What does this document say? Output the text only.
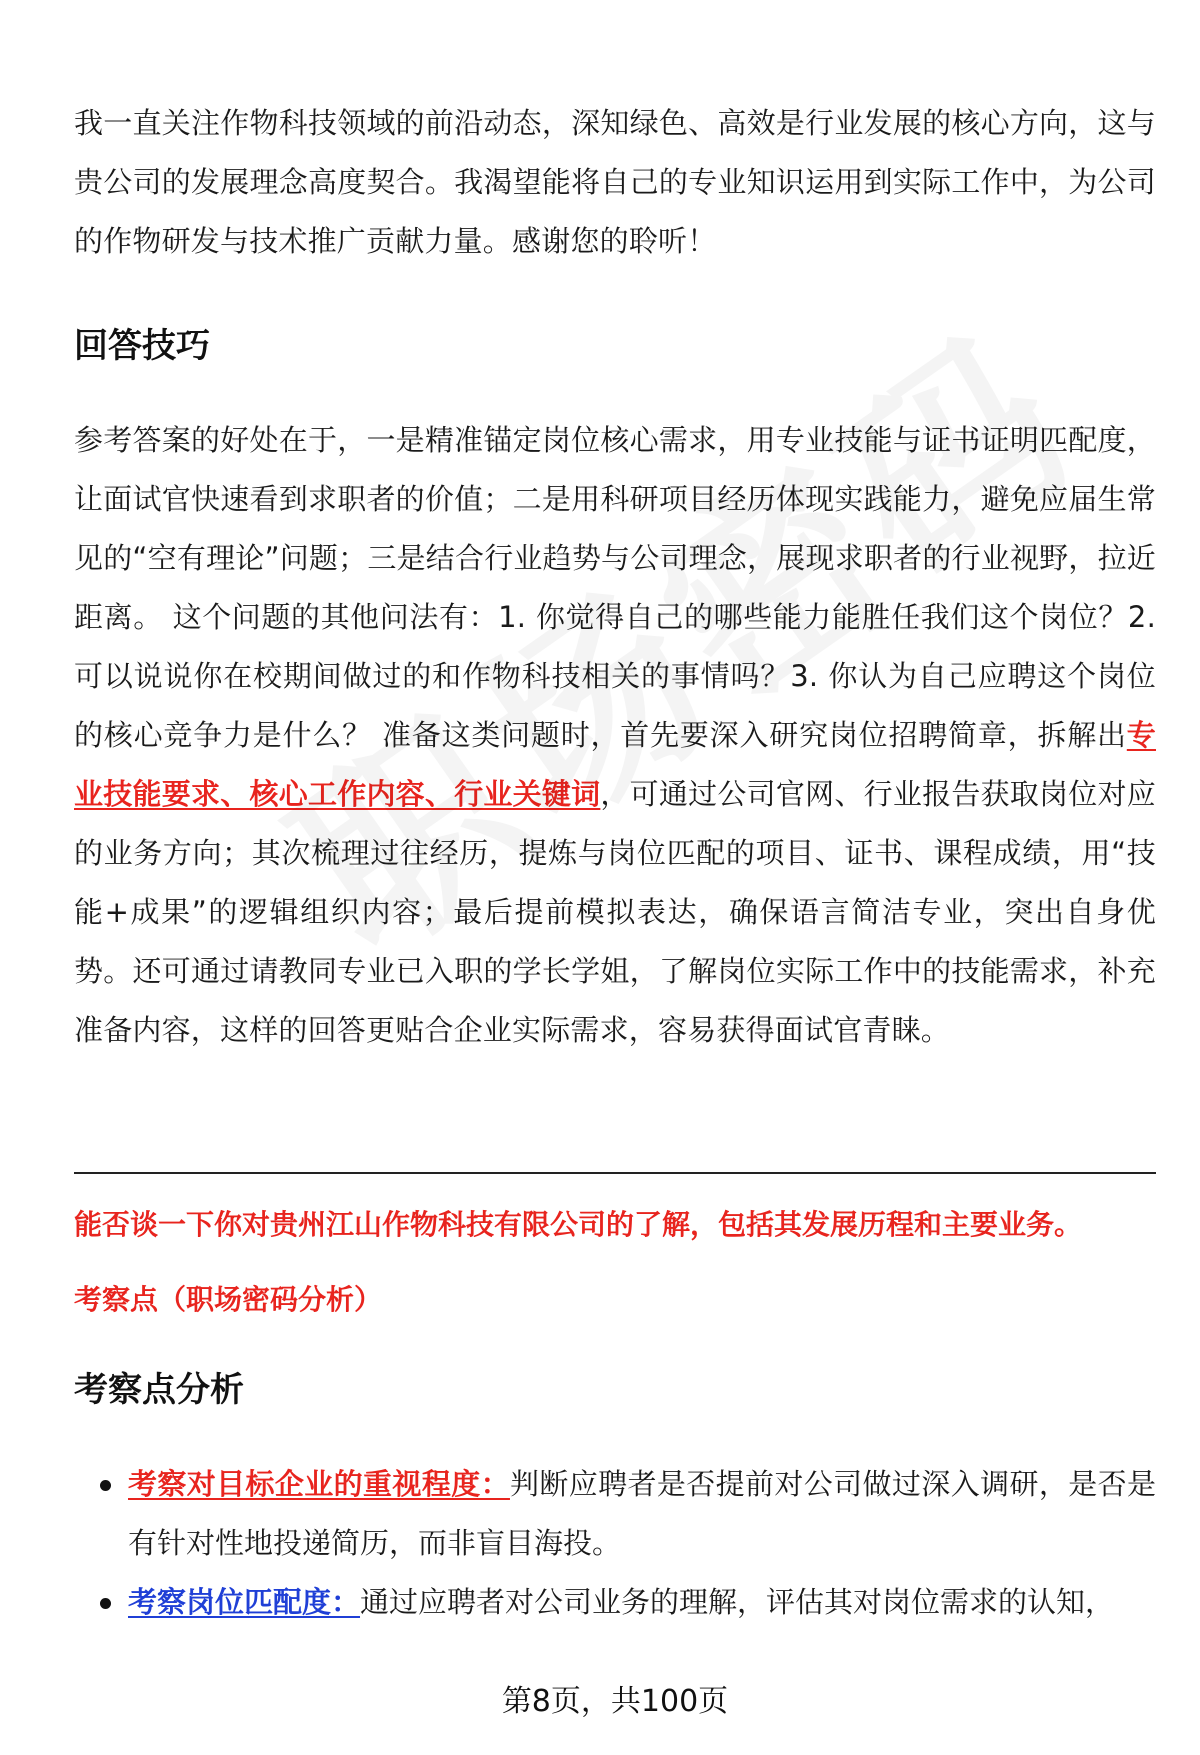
我一直关注作物科技领域的前沿动态，深知绿色、高效是行业发展的核心方向，这与贵公司的发展理念高度契合。我渴望能将自己的专业知识运用到实际工作中，为公司的作物研发与技术推广贡献力量。感谢您的聆听！

回答技巧

参考答案的好处在于，一是精准锚定岗位核心需求，用专业技能与证书证明匹配度，让面试官快速看到求职者的价值；二是用科研项目经历体现实践能力，避免应届生常见的“空有理论”问题；三是结合行业趋势与公司理念，展现求职者的行业视野，拉近距离。 这个问题的其他问法有：1. 你觉得自己的哪些能力能胜任我们这个岗位？2. 可以说说你在校期间做过的和作物科技相关的事情吗？3. 你认为自己应聘这个岗位的核心竞争力是什么？ 准备这类问题时，首先要深入研究岗位招聘简章，拆解出专业技能要求、核心工作内容、行业关键词，可通过公司官网、行业报告获取岗位对应的业务方向；其次梳理过往经历，提炼与岗位匹配的项目、证书、课程成绩，用“技能+成果”的逻辑组织内容；最后提前模拟表达，确保语言简洁专业，突出自身优势。还可通过请教同专业已入职的学长学姐，了解岗位实际工作中的技能需求，补充准备内容，这样的回答更贴合企业实际需求，容易获得面试官青睐。

能否谈一下你对贵州江山作物科技有限公司的了解，包括其发展历程和主要业务。

考察点（职场密码分析）

考察点分析
考察对目标企业的重视程度：判断应聘者是否提前对公司做过深入调研，是否是有针对性地投递简历，而非盲目海投。
考察岗位匹配度：通过应聘者对公司业务的理解，评估其对岗位需求的认知，

第8页，共100页
